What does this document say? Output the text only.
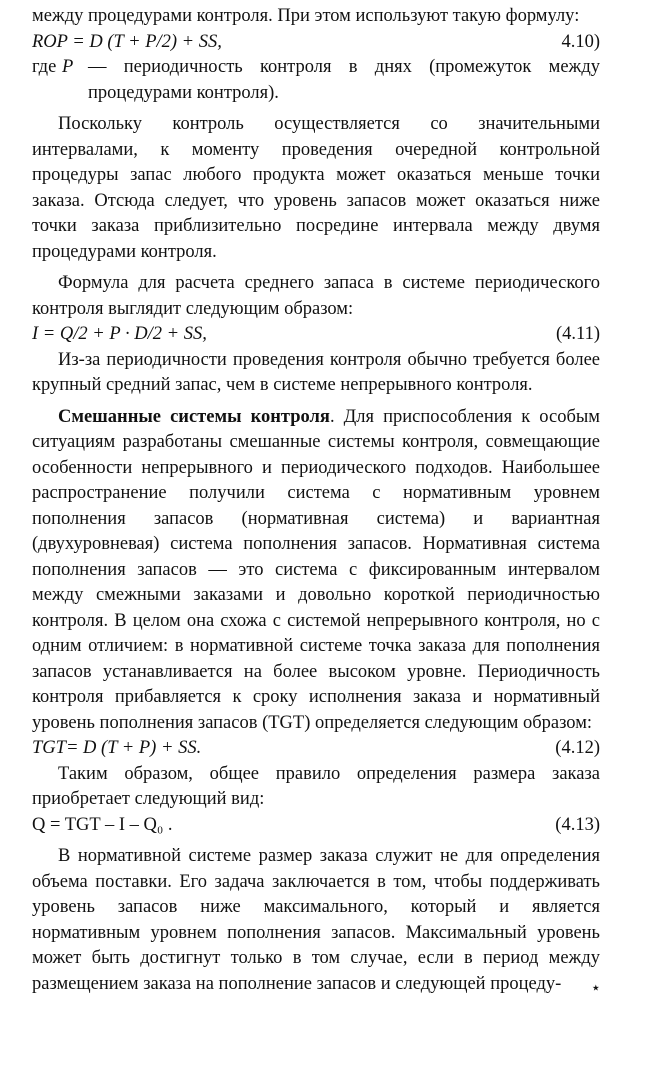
между процедурами контроля. При этом используют такую формулу:

ROP = D (T + P/2) + SS,	4.10)
где P — периодичность контроля в днях (промежуток между процедурами контроля).

Поскольку контроль осуществляется со значительными интервалами, к моменту проведения очередной контрольной процедуры запас любого продукта может оказаться меньше точки заказа. Отсюда следует, что уровень запасов может оказаться ниже точки заказа приблизительно посредине интервала между двумя процедурами контроля.

Формула для расчета среднего запаса в системе периодического контроля выглядит следующим образом:

I = Q/2 + P · D/2 + SS,	(4.11)

Из-за периодичности проведения контроля обычно требуется более крупный средний запас, чем в системе непрерывного контроля.

Смешанные системы контроля. Для приспособления к особым ситуациям разработаны смешанные системы контроля, совмещающие особенности непрерывного и периодического подходов. Наибольшее распространение получили система с нормативным уровнем пополнения запасов (нормативная система) и вариантная (двухуровневая) система пополнения запасов. Нормативная система пополнения запасов — это система с фиксированным интервалом между смежными заказами и довольно короткой периодичностью контроля. В целом она схожа с системой непрерывного контроля, но с одним отличием: в нормативной системе точка заказа для пополнения запасов устанавливается на более высоком уровне. Периодичность контроля прибавляется к сроку исполнения заказа и нормативный уровень пополнения запасов (TGT) определяется следующим образом:

TGT= D (T + P) + SS.	(4.12)

Таким образом, общее правило определения размера заказа приобретает следующий вид:

Q = TGT – I – Q₀ .	(4.13)

В нормативной системе размер заказа служит не для определения объема поставки. Его задача заключается в том, чтобы поддерживать уровень запасов ниже максимального, который и является нормативным уровнем пополнения запасов. Максимальный уровень может быть достигнут только в том случае, если в период между размещением заказа на пополнение запасов и следующей процеду-	٭
